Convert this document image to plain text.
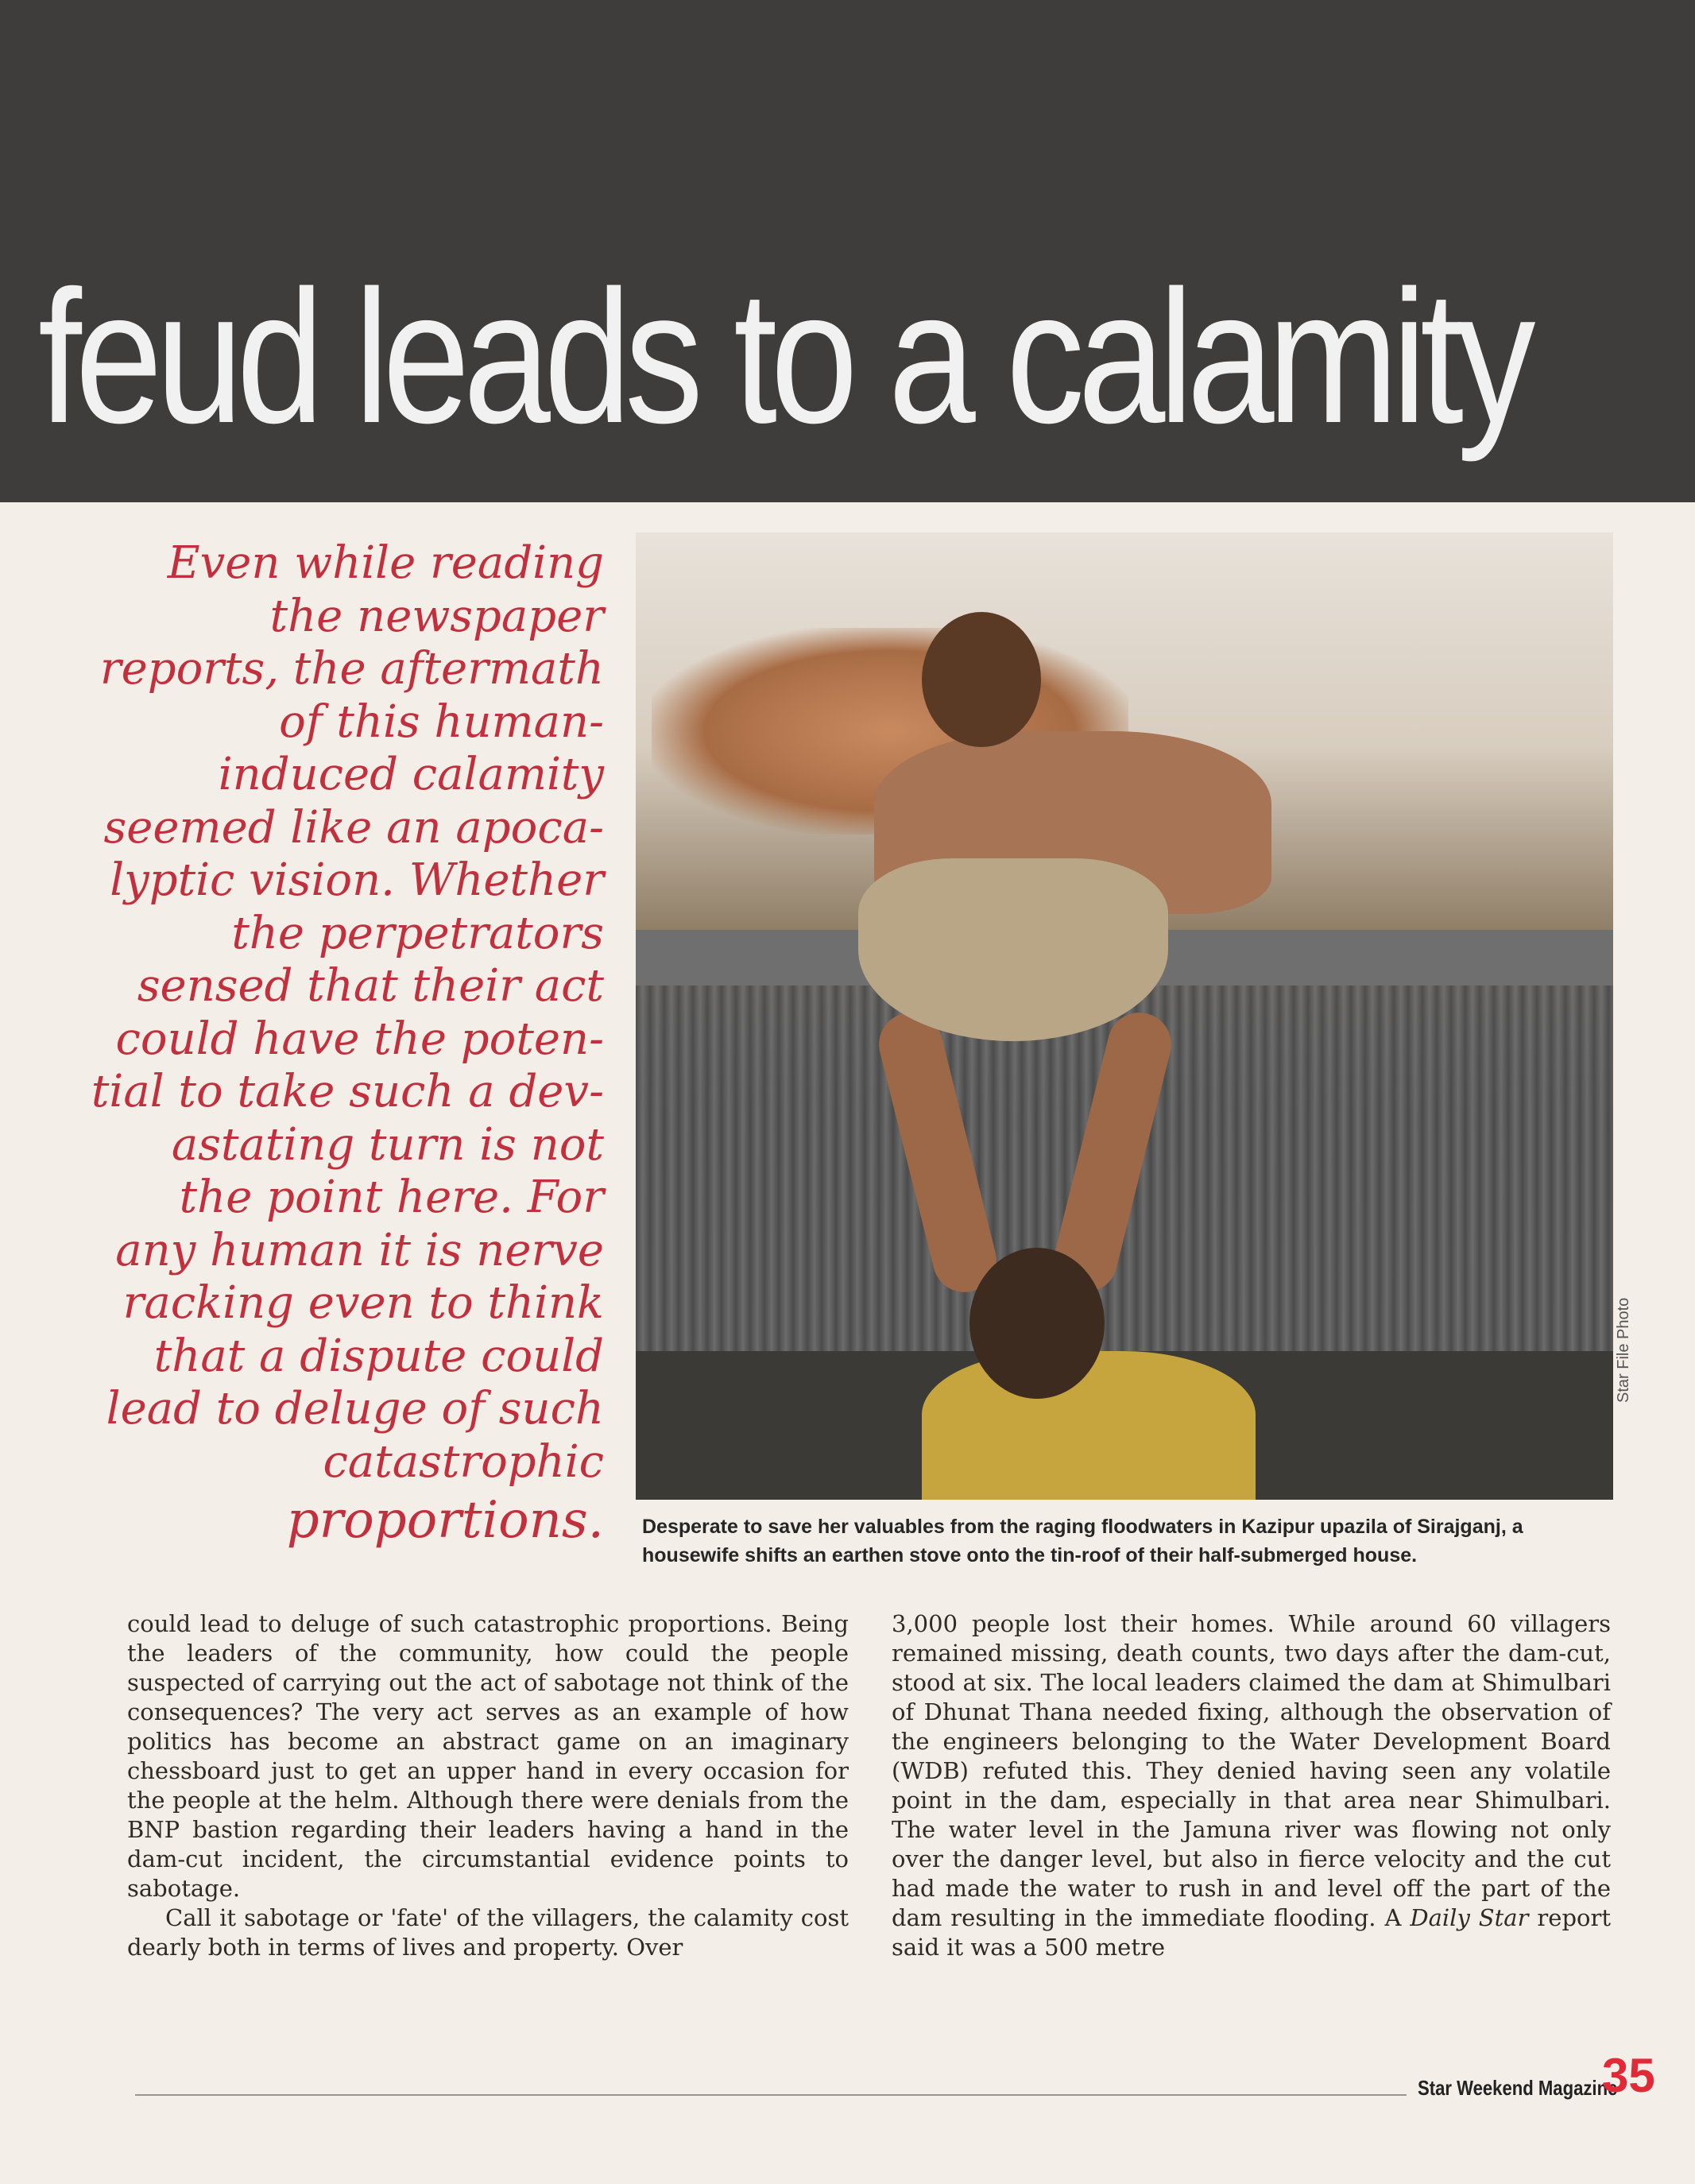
feud leads to a calamity
Even while reading
the newspaper
reports, the aftermath
of this human-
induced calamity
seemed like an apoca-
lyptic vision. Whether
the perpetrators
sensed that their act
could have the poten-
tial to take such a dev-
astating turn is not
the point here. For
any human it is nerve
racking even to think
that a dispute could
lead to deluge of such
catastrophic
proportions.
Star File Photo
Desperate to save her valuables from the raging floodwaters in Kazipur upazila of Sirajganj, a
housewife shifts an earthen stove onto the tin-roof of their half-submerged house.

could lead to deluge of such catastrophic proportions. Being the leaders of the community, how could the people suspected of carrying out the act of sabotage not think of the consequences? The very act serves as an example of how politics has become an abstract game on an imaginary chessboard just to get an upper hand in every occasion for the people at the helm. Although there were denials from the BNP bastion regarding their leaders having a hand in the dam-cut incident, the circumstantial evidence points to sabotage.

Call it sabotage or 'fate' of the villagers, the calamity cost dearly both in terms of lives and property. Over

3,000 people lost their homes. While around 60 villagers remained missing, death counts, two days after the dam-cut, stood at six. The local leaders claimed the dam at Shimulbari of Dhunat Thana needed fixing, although the observation of the engineers belonging to the Water Development Board (WDB) refuted this. They denied having seen any volatile point in the dam, especially in that area near Shimulbari. The water level in the Jamuna river was flowing not only over the danger level, but also in fierce velocity and the cut had made the water to rush in and level off the part of the dam resulting in the immediate flooding. A Daily Star report said it was a 500 metre

Star Weekend Magazine
35
